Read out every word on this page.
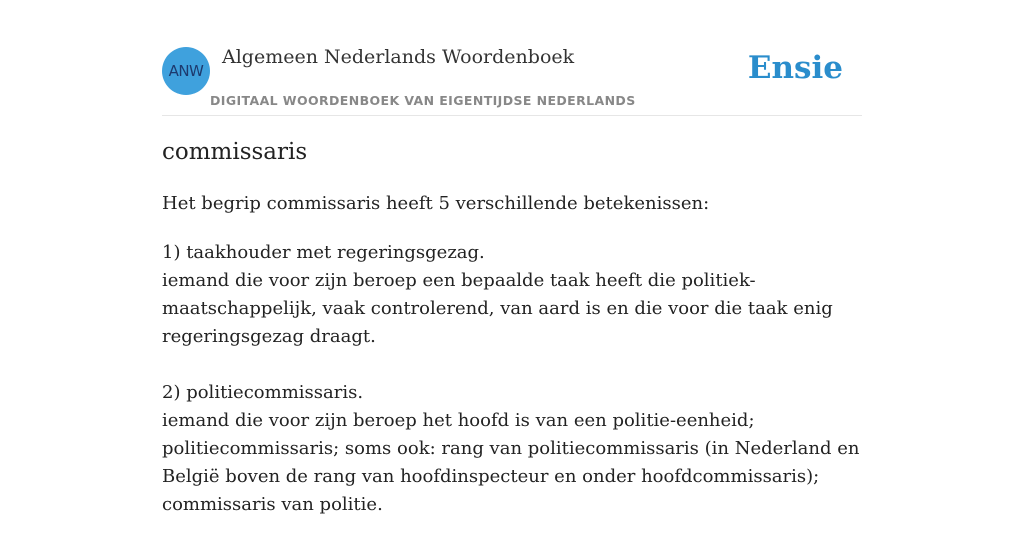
ANW
Algemeen Nederlands Woordenboek
DIGITAAL WOORDENBOEK VAN EIGENTIJDSE NEDERLANDS
Ensie
commissaris

Het begrip commissaris heeft 5 verschillende betekenissen:

1) taakhouder met regeringsgezag.
iemand die voor zijn beroep een bepaalde taak heeft die politiek-
maatschappelijk, vaak controlerend, van aard is en die voor die taak enig
regeringsgezag draagt.
2) politiecommissaris.
iemand die voor zijn beroep het hoofd is van een politie-eenheid;
politiecommissaris; soms ook: rang van politiecommissaris (in Nederland en
België boven de rang van hoofdinspecteur en onder hoofdcommissaris);
commissaris van politie.
